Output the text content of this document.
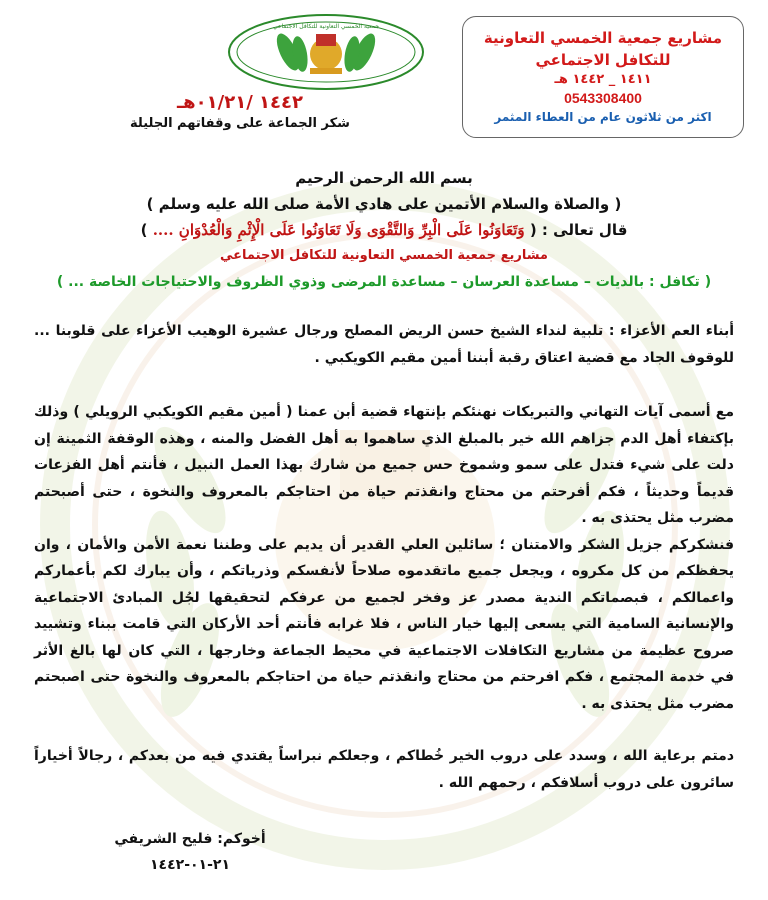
جمعية الخمسي التعاونية للتكافل الاجتماعي
مشاريع جمعية الخمسي التعاونية
للتكافل الاجتماعي
١٤١١ _ ١٤٤٢ هـ
0543308400
اكثر من ثلاثون عام من العطاء المثمر
١٤٤٢ /٠١/٢١هـ
شكر الجماعة على وقفاتهم الجليلة
بسم الله الرحمن الرحيم
( والصلاة والسلام الأتمين على هادي الأمة صلى الله عليه وسلم )
قال تعالى : ( وَتَعَاوَنُوا عَلَى الْبِرِّ وَالتَّقْوَى وَلَا تَعَاوَنُوا عَلَى الْإِثْمِ وَالْعُدْوَانِ .... )
مشاريع جمعية الخمسي التعاونية للتكافل الاجتماعي
( تكافل : بالديات – مساعدة العرسان – مساعدة المرضى وذوي الظروف والاحتياجات الخاصة ... )

أبناء العم الأعزاء : تلبية لنداء الشيخ حسن الريض المصلح ورجال عشيرة الوهيب الأعزاء على قلوبنا ... للوقوف الجاد مع قضية اعتاق رقبة أبننا أمين مقيم الكويكبي .

مع أسمى آيات التهاني والتبريكات نهنئكم بإنتهاء قضية أبن عمنا ( أمين مقيم الكويكبي الرويلي ) وذلك بإكتفاء أهل الدم جزاهم الله خير بالمبلغ الذي ساهموا به أهل الفضل والمنه ، وهذه الوقفة الثمينة إن دلت على شيء فتدل على سمو وشموخ حس جميع من شارك بهذا العمل النبيل ، فأنتم أهل الفزعات قديماً وحديثاً ، فكم أفرحتم من محتاج وانقذتم حياة من احتاجكم بالمعروف والنخوة ، حتى أصبحتم مضرب مثل يحتذى به .

فنشكركم جزيل الشكر والامتنان ؛ سائلين العلي القدير أن يديم على وطننا نعمة الأمن والأمان ، وان يحفظكم من كل مكروه ، ويجعل جميع ماتقدموه صلاحاً لأنفسكم وذرياتكم ، وأن يبارك لكم بأعماركم واعمالكم ، فبصماتكم الندية مصدر عز وفخر لجميع من عرفكم لتحقيقها لجُل المبادئ الاجتماعية والإنسانية السامية التي يسعى إليها خيار الناس ، فلا غرابه فأنتم أحد الأركان التي قامت ببناء وتشييد صروح عظيمة من مشاريع التكافلات الاجتماعية في محيط الجماعة وخارجها ، التي كان لها بالغ الأثر في خدمة المجتمع ، فكم افرحتم من محتاج وانقذتم حياة من احتاجكم بالمعروف والنخوة حتى اصبحتم مضرب مثل يحتذى به .

دمتم برعاية الله ، وسدد على دروب الخير خُطاكم ، وجعلكم نبراساً يقتدي فيه من بعدكم ، رجالاً أخياراً سائرون على دروب أسلافكم ، رحمهم الله .

أخوكم: فليح الشريفي
٢١-٠١-١٤٤٢
